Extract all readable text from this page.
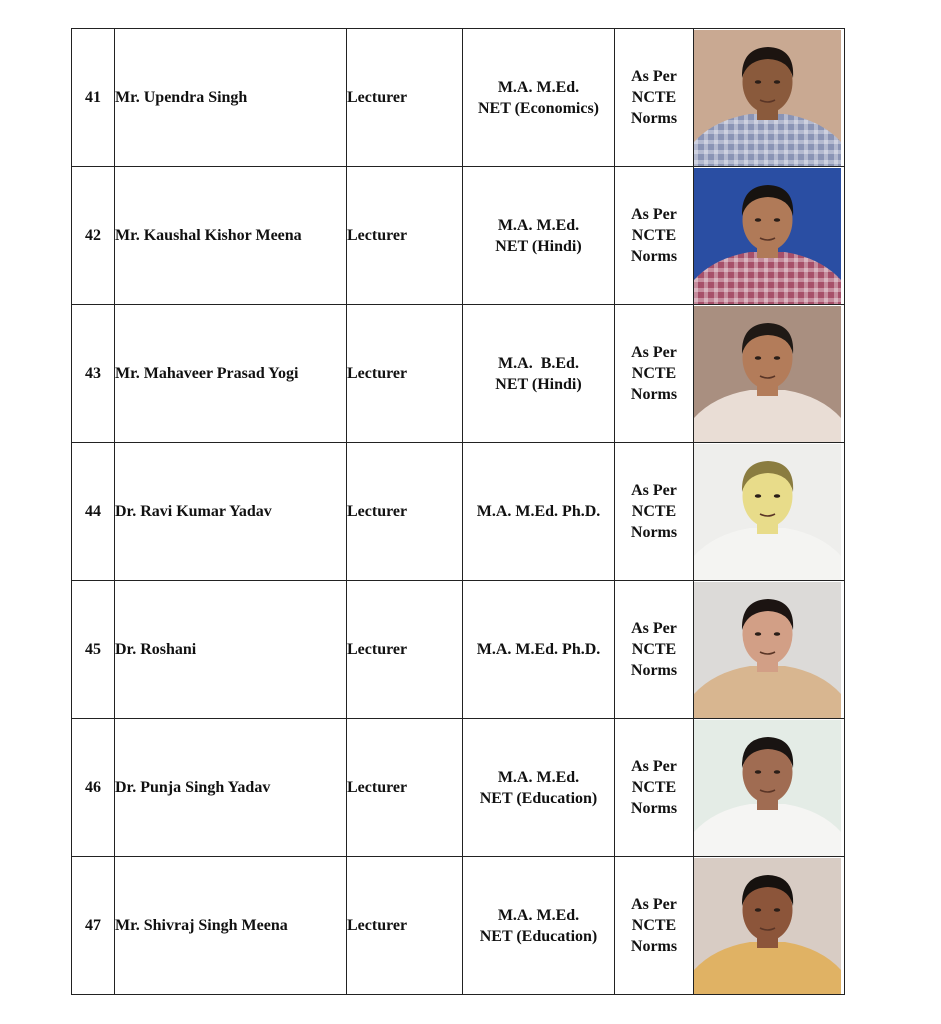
41	Mr. Upendra Singh	Lecturer	M.A. M.Ed.
NET (Economics)	As Per
NCTE
Norms

42	Mr. Kaushal Kishor Meena	Lecturer	M.A. M.Ed.
NET (Hindi)	As Per
NCTE
Norms

43	Mr. Mahaveer Prasad Yogi	Lecturer	M.A.  B.Ed.
NET (Hindi)	As Per
NCTE
Norms

44	Dr. Ravi Kumar Yadav	Lecturer	M.A. M.Ed. Ph.D.	As Per
NCTE
Norms

45	Dr. Roshani	Lecturer	M.A. M.Ed. Ph.D.	As Per
NCTE
Norms

46	Dr. Punja Singh Yadav	Lecturer	M.A. M.Ed.
NET (Education)	As Per
NCTE
Norms

47	Mr. Shivraj Singh Meena	Lecturer	M.A. M.Ed.
NET (Education)	As Per
NCTE
Norms
